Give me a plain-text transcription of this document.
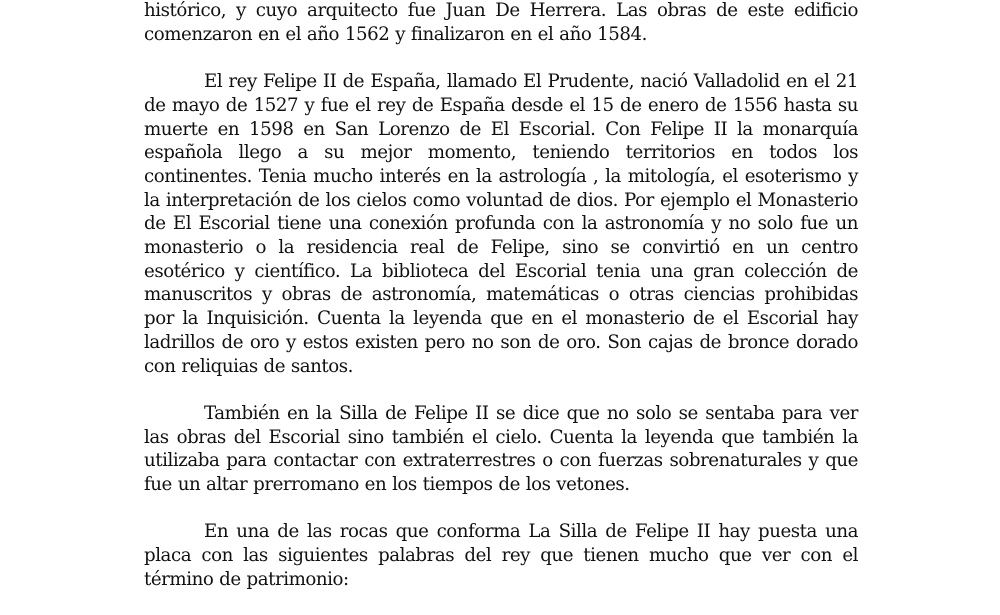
histórico, y cuyo arquitecto fue Juan De Herrera. Las obras de este edificio comenzaron en el año 1562 y finalizaron en el año 1584.

El rey Felipe II de España, llamado El Prudente, nació Valladolid en el 21 de mayo de 1527 y fue el rey de España desde el 15 de enero de 1556 hasta su muerte en 1598 en San Lorenzo de El Escorial. Con Felipe II la monarquía española llego a su mejor momento, teniendo territorios en todos los continentes. Tenia mucho interés en la astrología , la mitología, el esoterismo y la interpretación de los cielos como voluntad de dios. Por ejemplo el Monasterio de El Escorial tiene una conexión profunda con la astronomía y no solo fue un monasterio o la residencia real de Felipe, sino se convirtió en un centro esotérico y científico. La biblioteca del Escorial tenia una gran colección de manuscritos y obras de astronomía, matemáticas o otras ciencias prohibidas por la Inquisición. Cuenta la leyenda que en el monasterio de el Escorial hay ladrillos de oro y estos existen pero no son de oro. Son cajas de bronce dorado con reliquias de santos.

También en la Silla de Felipe II se dice que no solo se sentaba para ver las obras del Escorial sino también el cielo. Cuenta la leyenda que también la utilizaba para contactar con extraterrestres o con fuerzas sobrenaturales y que fue un altar prerromano en los tiempos de los vetones.

En una de las rocas que conforma La Silla de Felipe II hay puesta una placa con las siguientes palabras del rey que tienen mucho que ver con el término de patrimonio:
